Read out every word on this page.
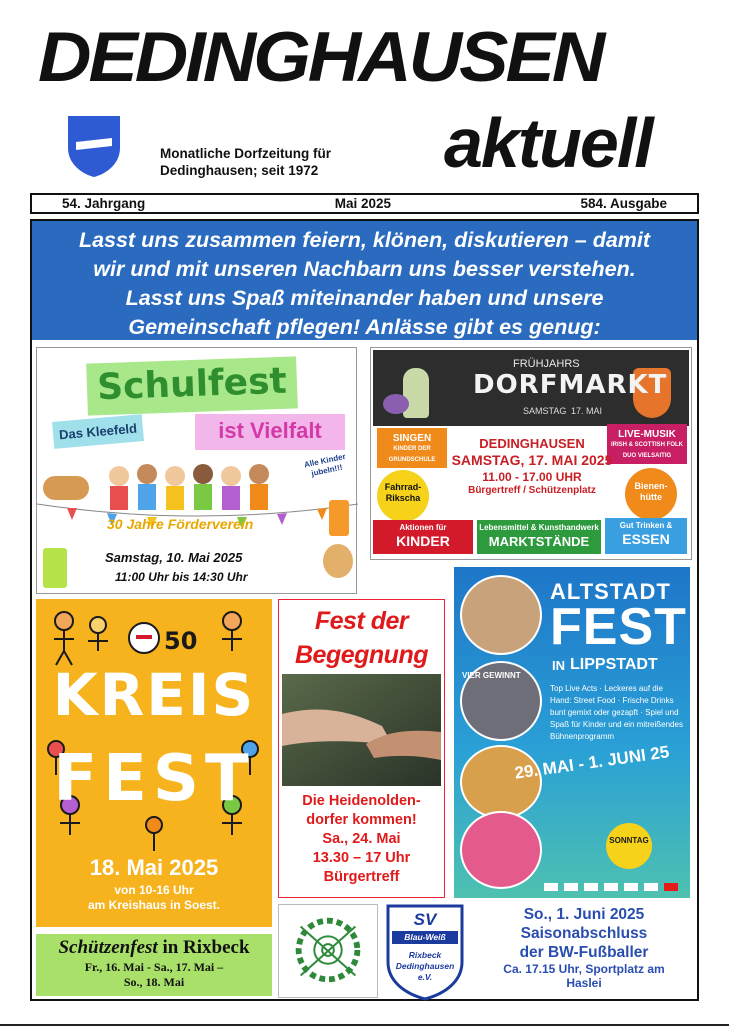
DEDINGHAUSEN
aktuell
Monatliche Dorfzeitung für
Dedinghausen; seit 1972
54. Jahrgang	Mai 2025	584. Ausgabe
Lasst uns zusammen feiern, klönen, diskutieren – damit
wir und mit unseren Nachbarn uns besser verstehen.
Lasst uns Spaß miteinander haben und unsere
Gemeinschaft pflegen! Anlässe gibt es genug:
Schulfest
Das Kleefeld	ist Vielfalt
Alle Kinder jubeln!!!
30 Jahre Förderverein
Samstag, 10. Mai 2025
11:00 Uhr bis 14:30 Uhr
FRÜHJAHRS
DORFMARKT
SAMSTAG 17. MAI
SINGEN
KINDER DER GRUNDSCHULE
LIVE-MUSIK
IRISH & SCOTTISH FOLK DUO VIELSAITIG
DEDINGHAUSEN
SAMSTAG, 17. MAI 2025
11.00 - 17.00 UHR
Bürgertreff / Schützenplatz
Fahrrad-Rikscha
Bienen-hütte
Aktionen für
KINDER
Lebensmittel & Kunsthandwerk
MARKTSTÄNDE
Gut Trinken &
ESSEN
50
KREIS
FEST
18. Mai 2025
von 10-16 Uhr
am Kreishaus in Soest.
Fest der
Begegnung
Die Heidenolden-
dorfer kommen!
Sa., 24. Mai
13.30 – 17 Uhr
Bürgertreff
VIER GEWINNT
ALTSTADT
FEST
IN LIPPSTADT
Top Live Acts · Leckeres auf die Hand: Street Food · Frische Drinks bunt gemixt oder gezapft · Spiel und Spaß für Kinder und ein mitreißendes Bühnenprogramm
29. MAI - 1. JUNI 25
SONNTAG
Schützenfest in Rixbeck
Fr., 16. Mai - Sa., 17. Mai –
So., 18. Mai
SV
Blau-Weiß
Rixbeck
Dedinghausen
e.V.
So., 1. Juni 2025
Saisonabschluss
der BW-Fußballer
Ca. 17.15 Uhr, Sportplatz am
Haslei
